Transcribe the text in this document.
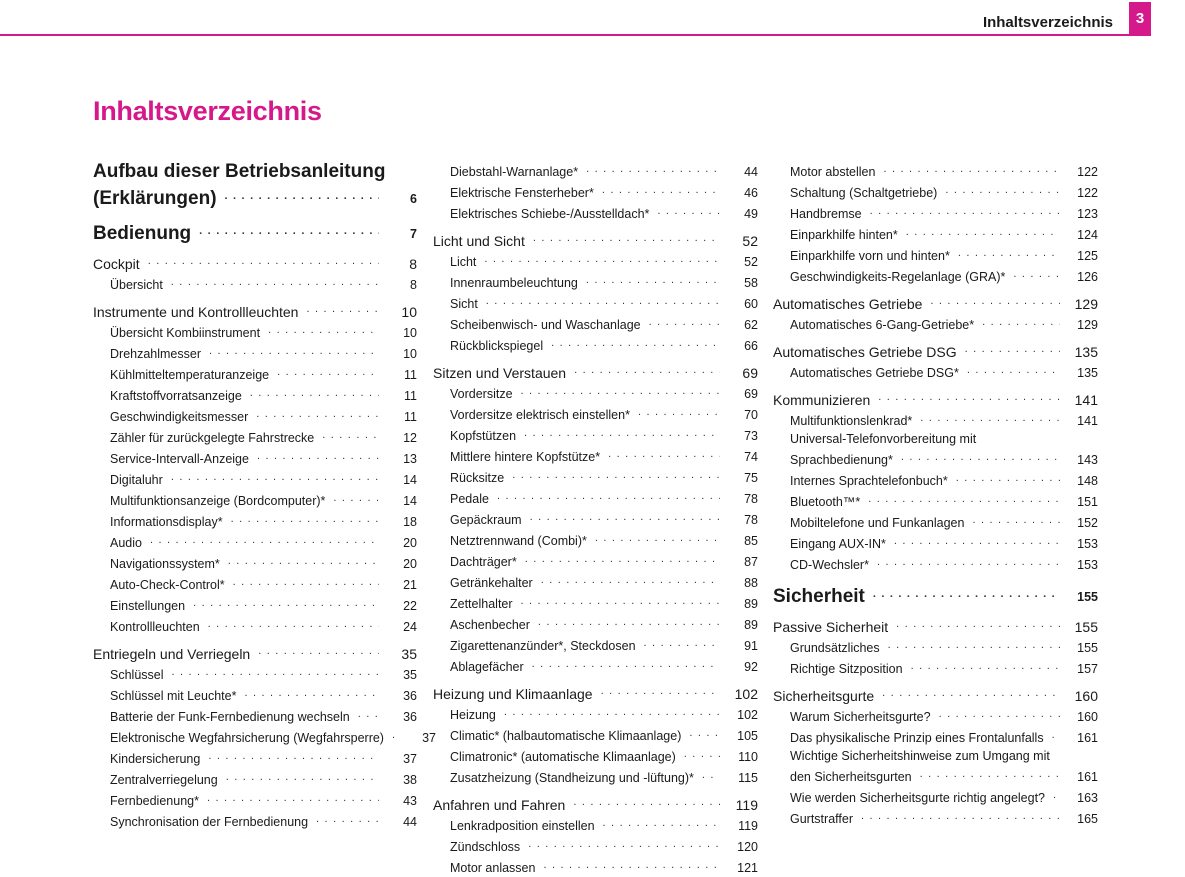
Inhaltsverzeichnis	3
Inhaltsverzeichnis
Aufbau dieser Betriebsanleitung
(Erklärungen) . . .	6
Bedienung . . .	7
Cockpit . . .	8
Übersicht . . .	8
Instrumente und Kontrollleuchten . . .	10
Übersicht Kombiinstrument . . .	10
Drehzahlmesser . . .	10
Kühlmitteltemperaturanzeige . . .	11
Kraftstoffvorratsanzeige . . .	11
Geschwindigkeitsmesser . . .	11
Zähler für zurückgelegte Fahrstrecke . . .	12
Service-Intervall-Anzeige . . .	13
Digitaluhr . . .	14
Multifunktionsanzeige (Bordcomputer)* . . .	14
Informationsdisplay* . . .	18
Audio . . .	20
Navigationssystem* . . .	20
Auto-Check-Control* . . .	21
Einstellungen . . .	22
Kontrollleuchten . . .	24
Entriegeln und Verriegeln . . .	35
Schlüssel . . .	35
Schlüssel mit Leuchte* . . .	36
Batterie der Funk-Fernbedienung wechseln . . .	36
Elektronische Wegfahrsicherung (Wegfahrsperre) . . .	37
Kindersicherung . . .	37
Zentralverriegelung . . .	38
Fernbedienung* . . .	43
Synchronisation der Fernbedienung . . .	44
Diebstahl-Warnanlage* . . .	44
Elektrische Fensterheber* . . .	46
Elektrisches Schiebe-/Ausstelldach* . . .	49
Licht und Sicht . . .	52
Licht . . .	52
Innenraumbeleuchtung . . .	58
Sicht . . .	60
Scheibenwisch- und Waschanlage . . .	62
Rückblickspiegel . . .	66
Sitzen und Verstauen . . .	69
Vordersitze . . .	69
Vordersitze elektrisch einstellen* . . .	70
Kopfstützen . . .	73
Mittlere hintere Kopfstütze* . . .	74
Rücksitze . . .	75
Pedale . . .	78
Gepäckraum . . .	78
Netztrennwand (Combi)* . . .	85
Dachträger* . . .	87
Getränkehalter . . .	88
Zettelhalter . . .	89
Aschenbecher . . .	89
Zigarettenanzünder*, Steckdosen . . .	91
Ablagefächer . . .	92
Heizung und Klimaanlage . . .	102
Heizung . . .	102
Climatic* (halbautomatische Klimaanlage) . . .	105
Climatronic* (automatische Klimaanlage) . . .	110
Zusatzheizung (Standheizung und -lüftung)* . . .	115
Anfahren und Fahren . . .	119
Lenkradposition einstellen . . .	119
Zündschloss . . .	120
Motor anlassen . . .	121
Motor abstellen . . .	122
Schaltung (Schaltgetriebe) . . .	122
Handbremse . . .	123
Einparkhilfe hinten* . . .	124
Einparkhilfe vorn und hinten* . . .	125
Geschwindigkeits-Regelanlage (GRA)* . . .	126
Automatisches Getriebe . . .	129
Automatisches 6-Gang-Getriebe* . . .	129
Automatisches Getriebe DSG . . .	135
Automatisches Getriebe DSG* . . .	135
Kommunizieren . . .	141
Multifunktionslenkrad* . . .	141
Universal-Telefonvorbereitung mit
Sprachbedienung* . . .	143
Internes Sprachtelefonbuch* . . .	148
Bluetooth™* . . .	151
Mobiltelefone und Funkanlagen . . .	152
Eingang AUX-IN* . . .	153
CD-Wechsler* . . .	153
Sicherheit . . .	155
Passive Sicherheit . . .	155
Grundsätzliches . . .	155
Richtige Sitzposition . . .	157
Sicherheitsgurte . . .	160
Warum Sicherheitsgurte? . . .	160
Das physikalische Prinzip eines Frontalunfalls . . .	161
Wichtige Sicherheitshinweise zum Umgang mit
den Sicherheitsgurten . . .	161
Wie werden Sicherheitsgurte richtig angelegt? . . .	163
Gurtstraffer . . .	165
